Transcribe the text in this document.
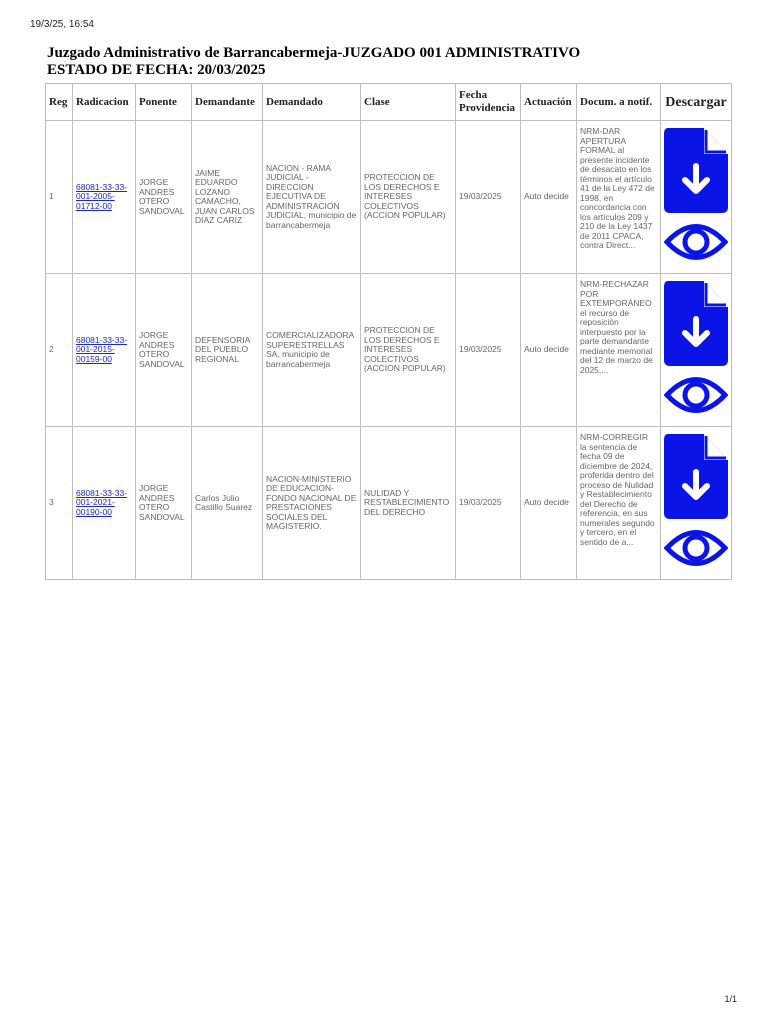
19/3/25, 16:54
Juzgado Administrativo de Barrancabermeja-JUZGADO 001 ADMINISTRATIVO
ESTADO DE FECHA: 20/03/2025
Reg	Radicacion	Ponente	Demandante	Demandado	Clase	Fecha Providencia	Actuación	Docum. a notif.	Descargar
1	68081-33-33-001-2005-01712-00	JORGE ANDRES OTERO SANDOVAL	JAIME EDUARDO LOZANO CAMACHO, JUAN CARLOS DIAZ CARIZ	NACION - RAMA JUDICIAL - DIRECCION EJECUTIVA DE ADMINISTRACION JUDICIAL, municipio de barrancabermeja	PROTECCION DE LOS DERECHOS E INTERESES COLECTIVOS (ACCION POPULAR)	19/03/2025	Auto decide	NRM-DAR APERTURA FORMAL al
presente incidente de desacato en los términos el artículo 41 de la Ley 472 de 1998, en concordancia con los artículos 209 y 210 de la Ley 1437 de 2011 CPACA, contra Direct...

2	68081-33-33-001-2015-00159-00	JORGE ANDRES OTERO SANDOVAL	DEFENSORIA DEL PUEBLO REGIONAL	COMERCIALIZADORA SUPERESTRELLAS SA, municipio de barrancabermeja	PROTECCION DE LOS DERECHOS E INTERESES COLECTIVOS (ACCION POPULAR)	19/03/2025	Auto decide	NRM-RECHAZAR POR EXTEMPORÁNEO
el recurso de reposición interpuesto por la parte demandante mediante memorial del 12 de marzo de 2025,...

3	68081-33-33-001-2021-00190-00	JORGE ANDRES OTERO SANDOVAL	Carlos Julio Castillo Suarez	NACION-MINISTERIO DE EDUCACION-FONDO NACIONAL DE PRESTACIONES SOCIALES DEL MAGISTERIO.	NULIDAD Y RESTABLECIMIENTO DEL DERECHO	19/03/2025	Auto decide	NRM-CORREGIR
la sentencia de fecha 09 de diciembre de 2024, proferida dentro del proceso de Nulidad y Restablecimiento del Derecho de referencia, en sus numerales segundo y tercero, en el sentido de a...

1/1
